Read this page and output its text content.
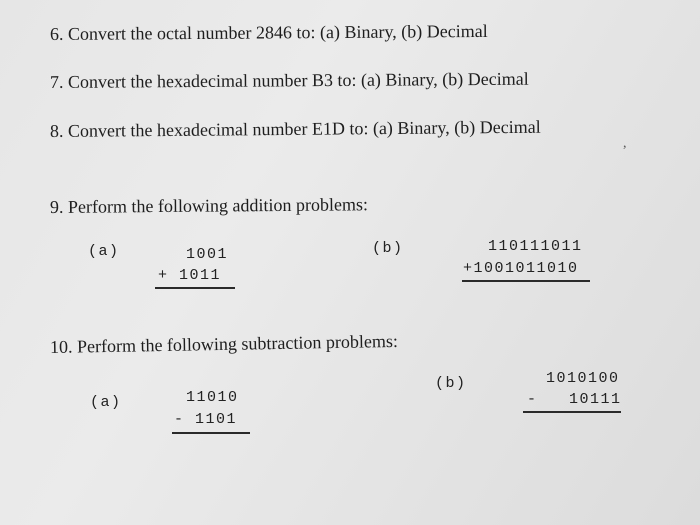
6. Convert the octal number 2846 to: (a) Binary, (b) Decimal
7. Convert the hexadecimal number B3 to: (a) Binary, (b) Decimal
8. Convert the hexadecimal number E1D to: (a) Binary, (b) Decimal
,
9. Perform the following addition problems:
(a)	1001
+ 1011
(b)	110111011
+1001011010
10. Perform the following subtraction problems:
(a)	11010
- 1101
(b)	1010100
-   10111
